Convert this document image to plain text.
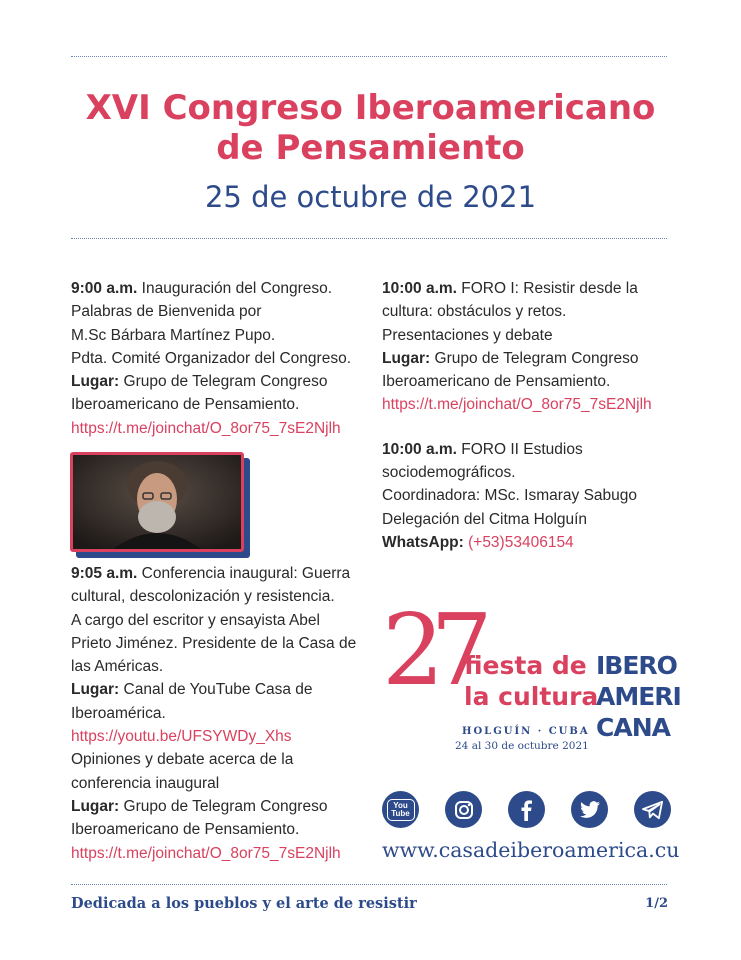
XVI Congreso Iberoamericano
de Pensamiento
25 de octubre de 2021

9:00 a.m. Inauguración del Congreso.

Palabras de Bienvenida por

M.Sc Bárbara Martínez Pupo.

Pdta. Comité Organizador del Congreso.

Lugar: Grupo de Telegram Congreso

Iberoamericano de Pensamiento.

https://t.me/joinchat/O_8or75_7sE2Njlh

9:05 a.m. Conferencia inaugural: Guerra

cultural, descolonización y resistencia.

A cargo del escritor y ensayista Abel

Prieto Jiménez. Presidente de la Casa de

las Américas.

Lugar: Canal de YouTube Casa de

Iberoamérica.

https://youtu.be/UFSYWDy_Xhs

Opiniones y debate acerca de la

conferencia inaugural

Lugar: Grupo de Telegram Congreso

Iberoamericano de Pensamiento.

https://t.me/joinchat/O_8or75_7sE2Njlh

10:00 a.m. FORO I: Resistir desde la

cultura: obstáculos y retos.

Presentaciones y debate

Lugar: Grupo de Telegram Congreso

Iberoamericano de Pensamiento.

https://t.me/joinchat/O_8or75_7sE2Njlh

10:00 a.m. FORO II Estudios

sociodemográficos.

Coordinadora: MSc. Ismaray Sabugo

Delegación del Citma Holguín

WhatsApp: (+53)53406154

27
fiesta de
la cultura
IBERO
AMERI
CANA
HOLGUÍN · CUBA
24 al 30 de octubre 2021
You Tube
www.casadeiberoamerica.cu
Dedicada a los pueblos y el arte de resistir	1/2
